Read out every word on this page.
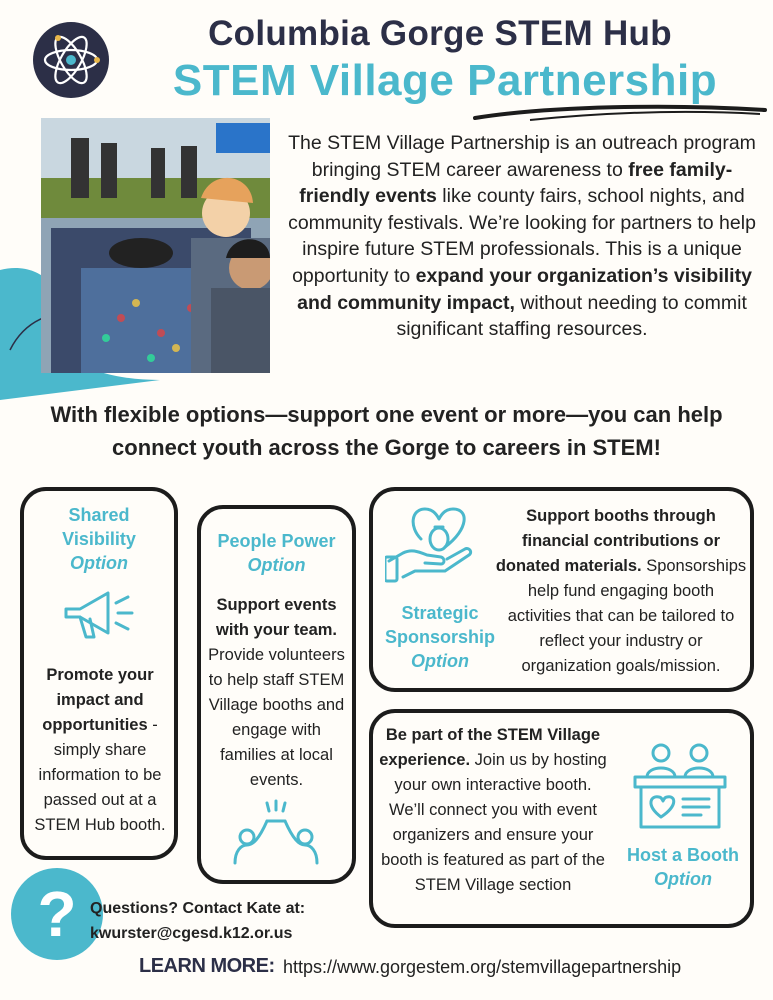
Columbia Gorge STEM Hub
STEM Village Partnership
The STEM Village Partnership is an outreach program bringing STEM career awareness to free family-friendly events like county fairs, school nights, and community festivals. We’re looking for partners to help inspire future STEM professionals. This is a unique opportunity to expand your organization’s visibility and community impact, without needing to commit significant staffing resources.
With flexible options—support one event or more—you can help connect youth across the Gorge to careers in STEM!
Shared Visibility
Option
Promote your impact and opportunities - simply share information to be passed out at a STEM Hub booth.
People Power
Option
Support events with your team. Provide volunteers to help staff STEM Village booths and engage with families at local events.
Strategic Sponsorship
Option
Support booths through financial contributions or donated materials. Sponsorships help fund engaging booth activities that can be tailored to reflect your industry or organization goals/mission.
Be part of the STEM Village experience. Join us by hosting your own interactive booth. We’ll connect you with event organizers and ensure your booth is featured as part of the STEM Village section
Host a Booth
Option
? Questions? Contact Kate at:
kwurster@cgesd.k12.or.us
LEARN MORE: https://www.gorgestem.org/stemvillagepartnership
